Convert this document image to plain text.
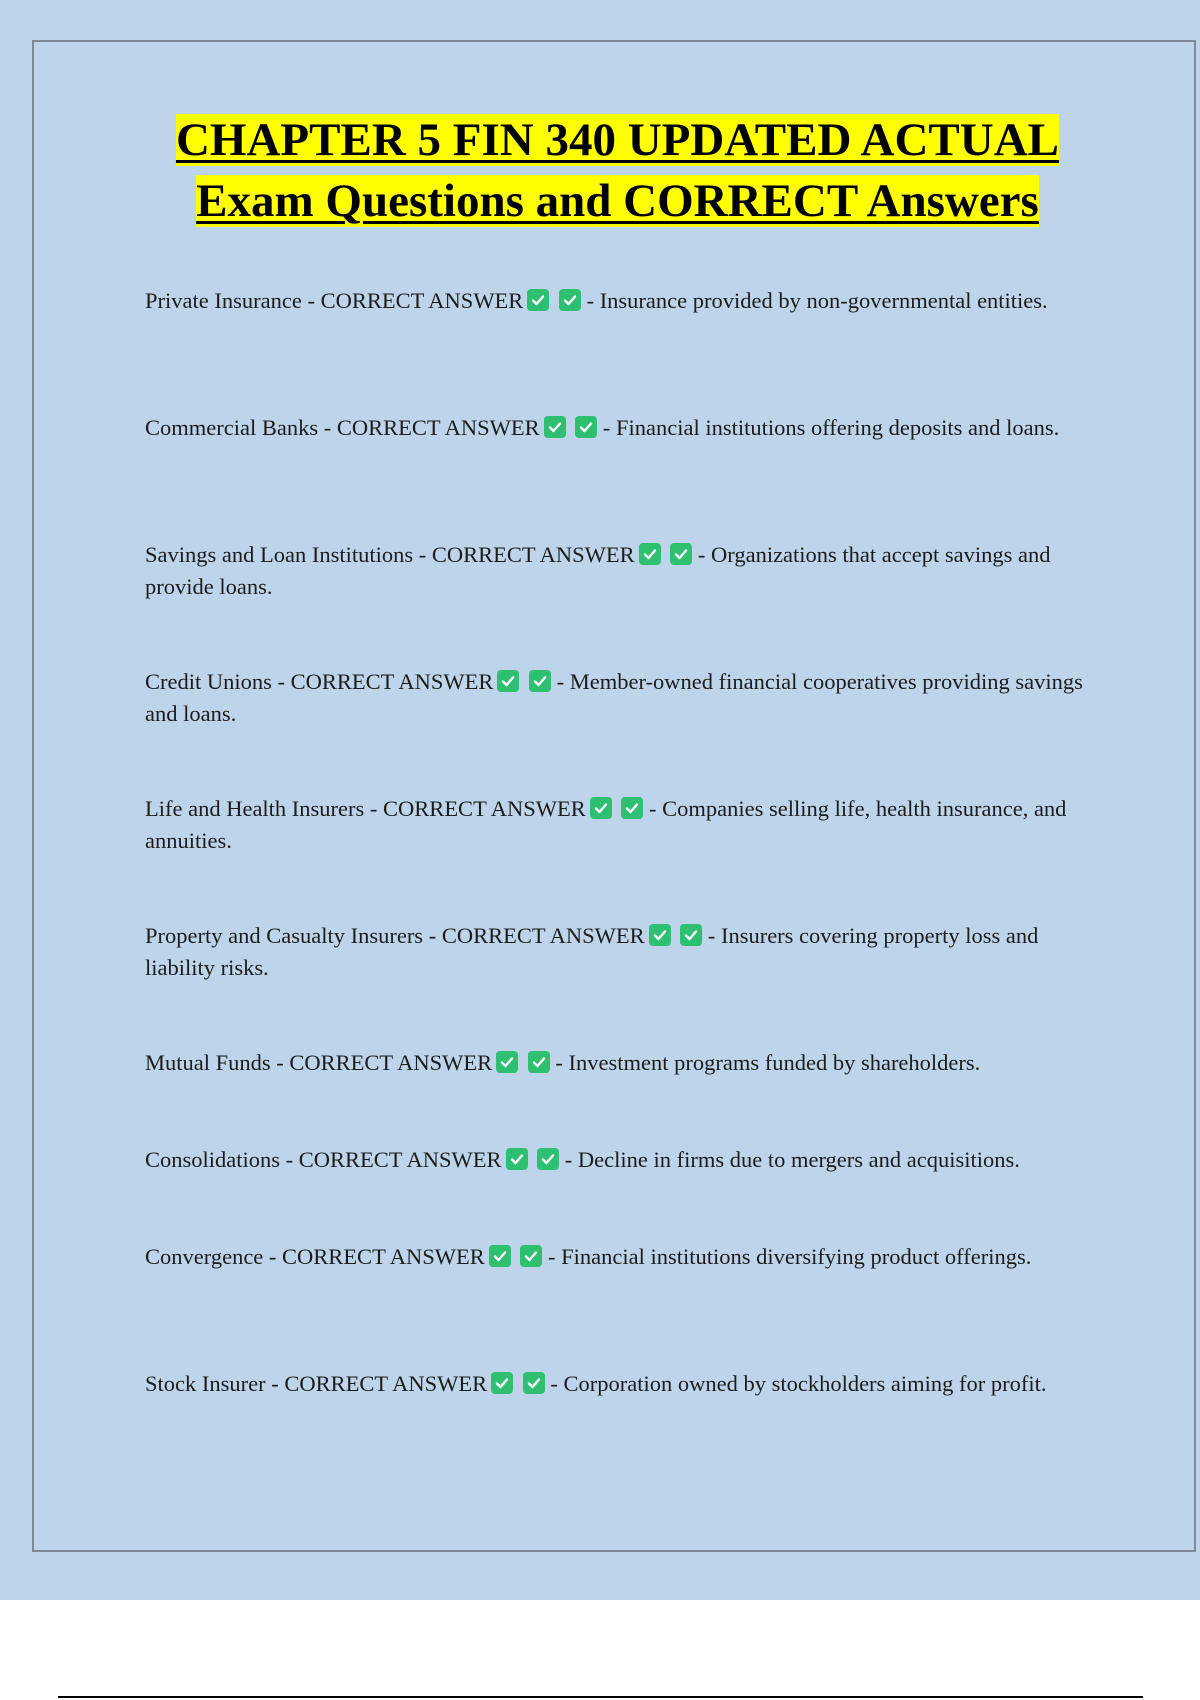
CHAPTER 5 FIN 340 UPDATED ACTUAL
Exam Questions and CORRECT Answers

Private Insurance - CORRECT ANSWER
	- Insurance provided by non-governmental entities.

Commercial Banks - CORRECT ANSWER
	- Financial institutions offering deposits and loans.

Savings and Loan Institutions - CORRECT ANSWER
	- Organizations that accept savings and provide loans.

Credit Unions - CORRECT ANSWER
	- Member-owned financial cooperatives providing savings and loans.

Life and Health Insurers - CORRECT ANSWER
	- Companies selling life, health insurance, and annuities.

Property and Casualty Insurers - CORRECT ANSWER
	- Insurers covering property loss and liability risks.

Mutual Funds - CORRECT ANSWER
	- Investment programs funded by shareholders.

Consolidations - CORRECT ANSWER
	- Decline in firms due to mergers and acquisitions.

Convergence - CORRECT ANSWER
	- Financial institutions diversifying product offerings.

Stock Insurer - CORRECT ANSWER
	- Corporation owned by stockholders aiming for profit.
